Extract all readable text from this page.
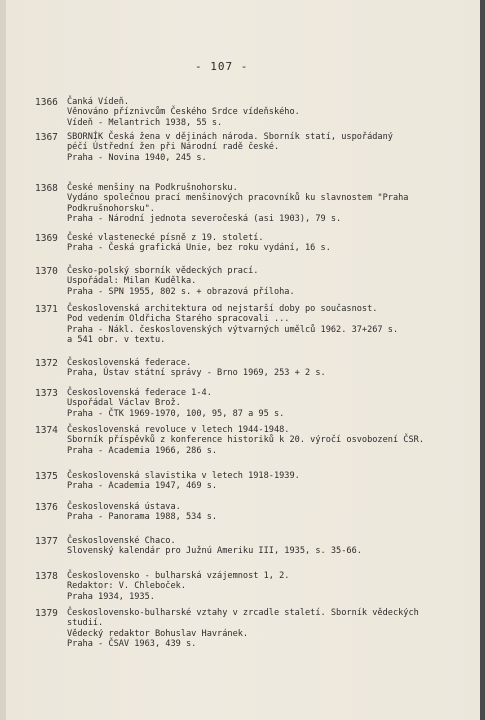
- 107 -
1366 Čanká Vídeň.
Věnováno příznivcům Českého Srdce vídeňského.
Vídeň - Melantrich 1938, 55 s.
1367 SBORNÍK Česká žena v dějinách národa. Sborník statí, uspořádaný
péčí Ústřední žen při Národní radě české.
Praha - Novina 1940, 245 s.
1368 České menšiny na Podkrušnohorsku.
Vydáno společnou prací menšinových pracovníků ku slavnostem "Praha
Podkrušnohorsku".
Praha - Národní jednota severočeská (asi 1903), 79 s.
1369 České vlastenecké písně z 19. století.
Praha - Česká grafická Unie, bez roku vydání, 16 s.
1370 Česko-polský sborník vědeckých prací.
Uspořádal: Milan Kudělka.
Praha - SPN 1955, 802 s. + obrazová příloha.
1371 Československá architektura od nejstarší doby po současnost.
Pod vedením Oldřicha Starého spracovali ...
Praha - Nákl. československých výtvarných umělců 1962. 37+267 s.
a 541 obr. v textu.
1372 Československá federace.
Praha, Ústav státní správy - Brno 1969, 253 + 2 s.
1373 Československá federace 1-4.
Uspořádal Václav Brož.
Praha - ČTK 1969-1970, 100, 95, 87 a 95 s.
1374 Československá revoluce v letech 1944-1948.
Sborník příspěvků z konference historiků k 20. výročí osvobození ČSR.
Praha - Academia 1966, 286 s.
1375 Československá slavistika v letech 1918-1939.
Praha - Academia 1947, 469 s.
1376 Československá ústava.
Praha - Panorama 1988, 534 s.
1377 Československé Chaco.
Slovenský kalendár pro Južnú Ameriku III, 1935, s. 35-66.
1378 Československo - bulharská vzájemnost 1, 2.
Redaktor: V. Chleboček.
Praha 1934, 1935.
1379 Československo-bulharské vztahy v zrcadle staletí. Sborník vědeckých
studií.
Vědecký redaktor Bohuslav Havránek.
Praha - ČSAV 1963, 439 s.
